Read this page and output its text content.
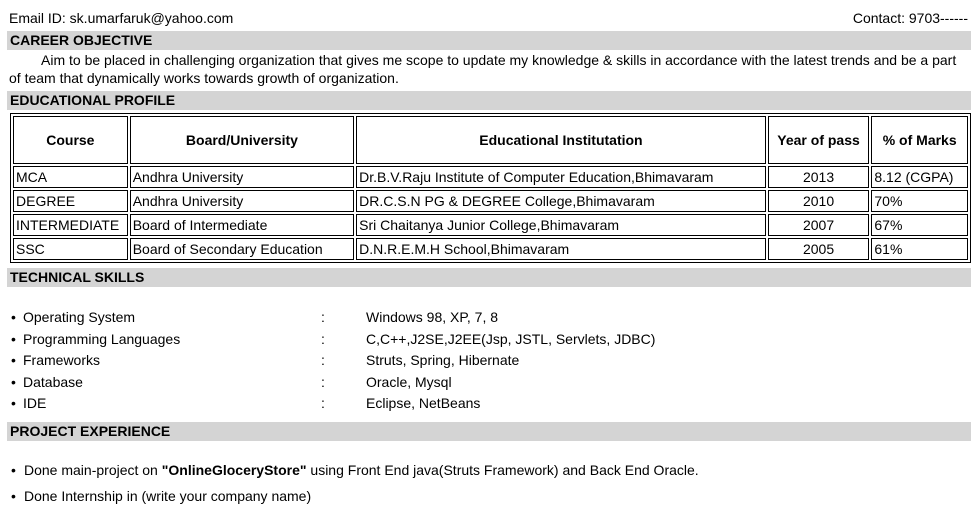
Email ID: sk.umarfaruk@yahoo.com	Contact: 9703------
CAREER OBJECTIVE
Aim to be placed in challenging organization that gives me scope to update my knowledge & skills in accordance with the latest trends and be a part of team that dynamically works towards growth of organization.
EDUCATIONAL PROFILE
Course	Board/University	Educational Institutation	Year of pass	% of Marks
MCA	Andhra University	Dr.B.V.Raju Institute of Computer Education,Bhimavaram	2013	8.12 (CGPA)
DEGREE	Andhra University	DR.C.S.N PG & DEGREE College,Bhimavaram	2010	70%
INTERMEDIATE	Board of Intermediate	Sri Chaitanya Junior College,Bhimavaram	2007	67%
SSC	Board of Secondary Education	D.N.R.E.M.H School,Bhimavaram	2005	61%
TECHNICAL SKILLS
• Operating System	:	Windows 98, XP, 7, 8
• Programming Languages	:	C,C++,J2SE,J2EE(Jsp, JSTL, Servlets, JDBC)
• Frameworks	:	Struts, Spring, Hibernate
• Database	:	Oracle, Mysql
• IDE	:	Eclipse, NetBeans
PROJECT EXPERIENCE
• Done main-project on "OnlineGloceryStore" using Front End java(Struts Framework) and Back End Oracle.
• Done Internship in (write your company name)
